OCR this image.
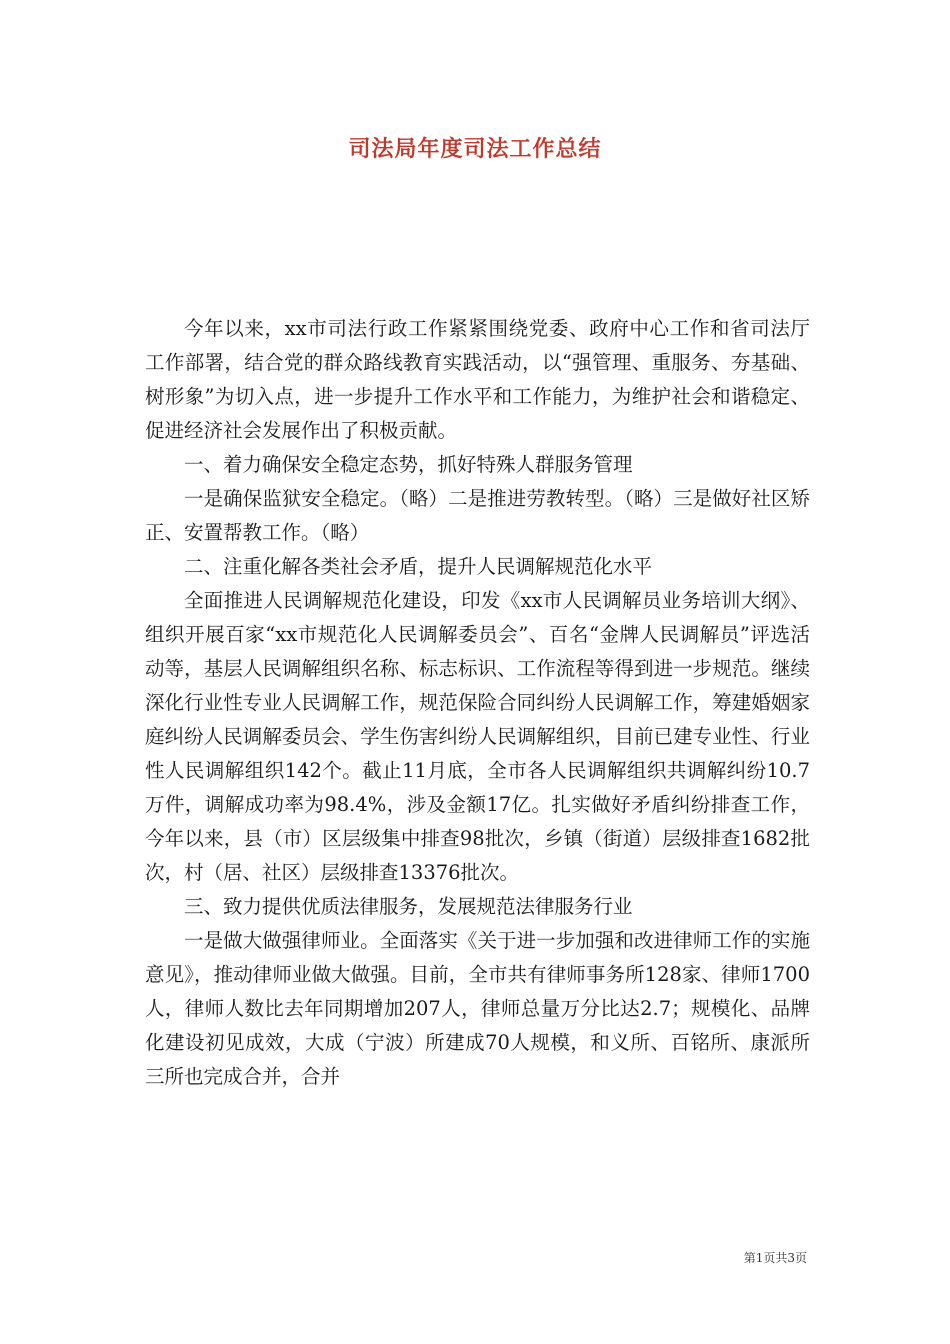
司法局年度司法工作总结

今年以来，xx市司法行政工作紧紧围绕党委、政府中心工作和省司法厅工作部署，结合党的群众路线教育实践活动，以“强管理、重服务、夯基础、树形象”为切入点，进一步提升工作水平和工作能力，为维护社会和谐稳定、促进经济社会发展作出了积极贡献。

一、着力确保安全稳定态势，抓好特殊人群服务管理

一是确保监狱安全稳定。（略）二是推进劳教转型。（略）三是做好社区矫正、安置帮教工作。（略）

二、注重化解各类社会矛盾，提升人民调解规范化水平

全面推进人民调解规范化建设，印发《xx市人民调解员业务培训大纲》、组织开展百家“xx市规范化人民调解委员会”、百名“金牌人民调解员”评选活动等，基层人民调解组织名称、标志标识、工作流程等得到进一步规范。继续深化行业性专业人民调解工作，规范保险合同纠纷人民调解工作，筹建婚姻家庭纠纷人民调解委员会、学生伤害纠纷人民调解组织，目前已建专业性、行业性人民调解组织142个。截止11月底，全市各人民调解组织共调解纠纷10.7万件，调解成功率为98.4%，涉及金额17亿。扎实做好矛盾纠纷排查工作，今年以来，县（市）区层级集中排查98批次，乡镇（街道）层级排查1682批次，村（居、社区）层级排查13376批次。

三、致力提供优质法律服务，发展规范法律服务行业

一是做大做强律师业。全面落实《关于进一步加强和改进律师工作的实施意见》，推动律师业做大做强。目前，全市共有律师事务所128家、律师1700人，律师人数比去年同期增加207人，律师总量万分比达2.7；规模化、品牌化建设初见成效，大成（宁波）所建成70人规模，和义所、百铭所、康派所三所也完成合并，合并

第1页共3页
